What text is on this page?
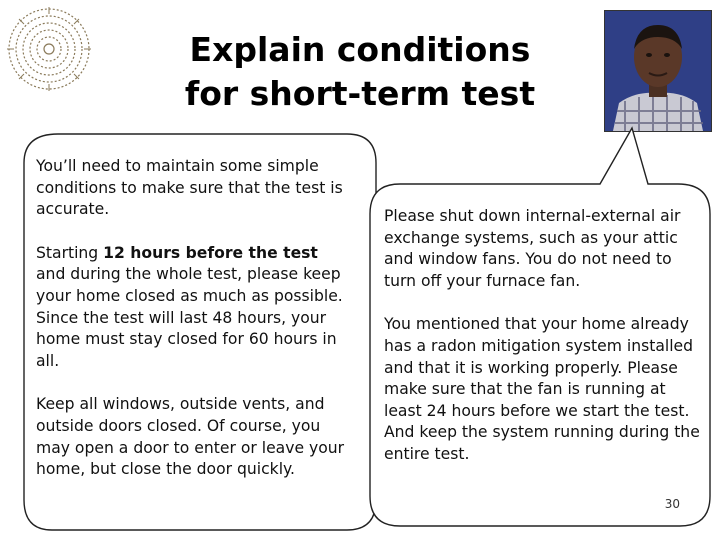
Explain conditions
for short-term test

You’ll need to maintain some simple conditions to make sure that the test is accurate.

Starting 12 hours before the test and during the whole test, please keep your home closed as much as possible. Since the test will last 48 hours, your home must stay closed for 60 hours in all.

Keep all windows, outside vents, and outside doors closed. Of course, you may open a door to enter or leave your home, but close the door quickly.

Please shut down internal-external air exchange systems, such as your attic and window fans. You do not need to turn off your furnace fan.

You mentioned that your home already has a radon mitigation system installed and that it is working properly. Please make sure that the fan is running at least 24 hours before we start the test. And keep the system running during the entire test.

30
